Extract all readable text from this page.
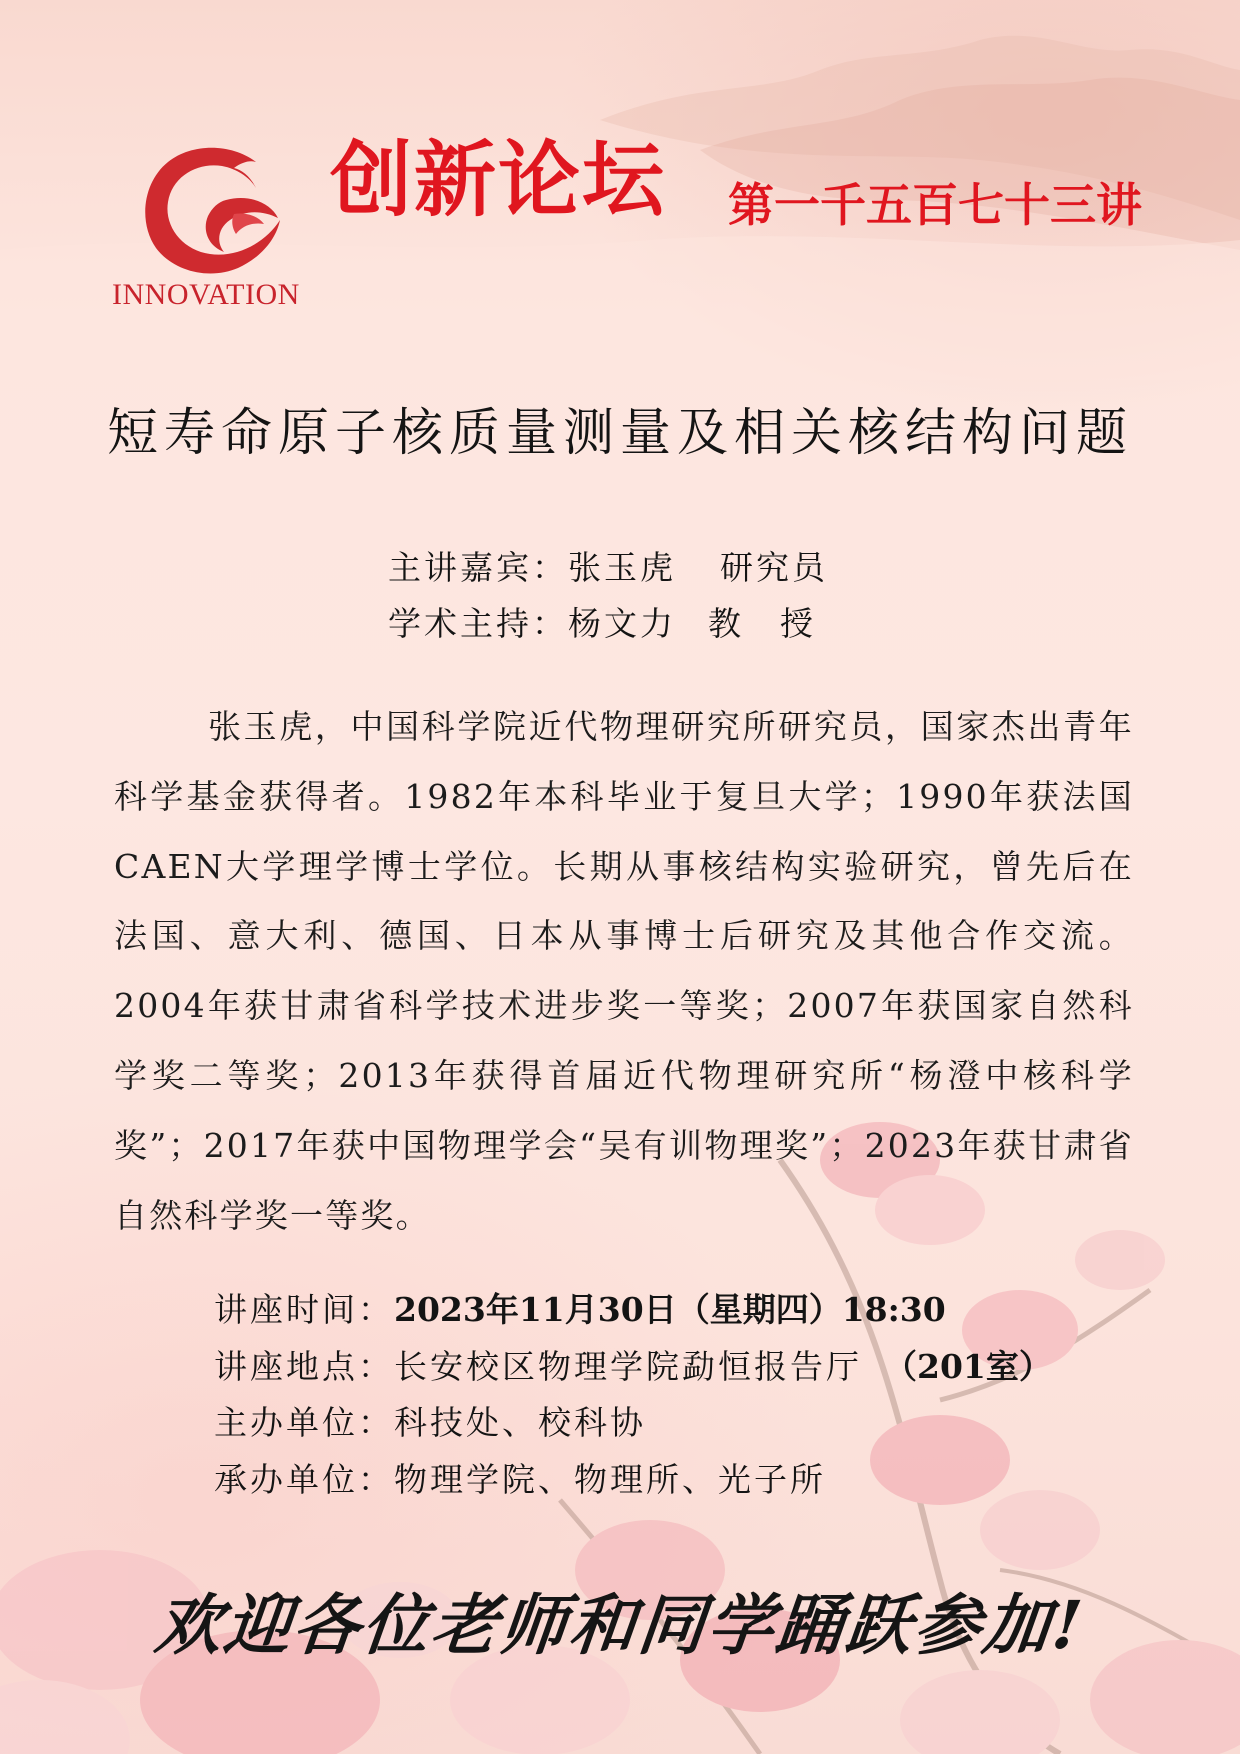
INNOVATION
创新论坛 第一千五百七十三讲
短寿命原子核质量测量及相关核结构问题
主讲嘉宾：张玉虎 研究员
学术主持：杨文力 教　授

张玉虎，中国科学院近代物理研究所研究员，国家杰出青年科学基金获得者。1982年本科毕业于复旦大学；1990年获法国CAEN大学理学博士学位。长期从事核结构实验研究，曾先后在法国、意大利、德国、日本从事博士后研究及其他合作交流。2004年获甘肃省科学技术进步奖一等奖；2007年获国家自然科学奖二等奖；2013年获得首届近代物理研究所“杨澄中核科学奖”；2017年获中国物理学会“吴有训物理奖”；2023年获甘肃省自然科学奖一等奖。

讲座时间：2023年11月30日（星期四）18:30
讲座地点：长安校区物理学院勐恒报告厅 （201室）
主办单位：科技处、校科协
承办单位：物理学院、物理所、光子所
欢迎各位老师和同学踊跃参加!
